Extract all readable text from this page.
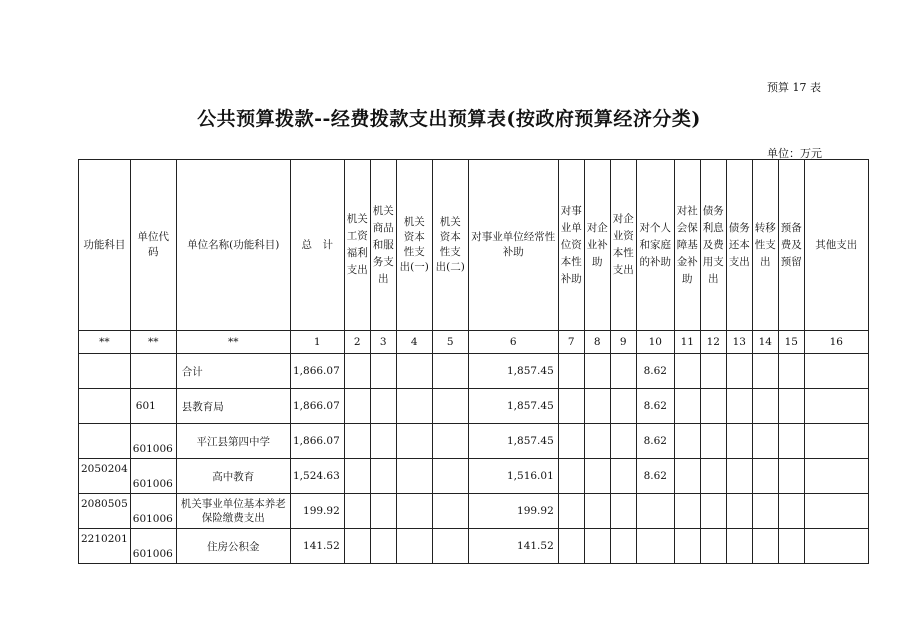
预算 17 表
公共预算拨款--经费拨款支出预算表(按政府预算经济分类)
单位：万元
功能科目	单位代码	单位名称(功能科目)	总　计	机关工资福利支出	机关商品和服务支出	机关资本性支出(一)	机关资本性支出(二)	对事业单位经常性补助	对事业单位资本性补助	对企业补助	对企业资本性支出	对个人和家庭的补助	对社会保障基金补助	债务利息及费用支出	债务还本支出	转移性支出	预备费及预留	其他支出
**	**	**	1	2	3	4	5	6	7	8	9	10	11	12	13	14	15	16
		合计	1,866.07					1,857.45				8.62						
	601	县教育局	1,866.07					1,857.45				8.62						
	601006	平江县第四中学	1,866.07					1,857.45				8.62						
2050204	601006	高中教育	1,524.63					1,516.01				8.62						
2080505	601006	机关事业单位基本养老保险缴费支出	199.92					199.92										
2210201	601006	住房公积金	141.52					141.52										
